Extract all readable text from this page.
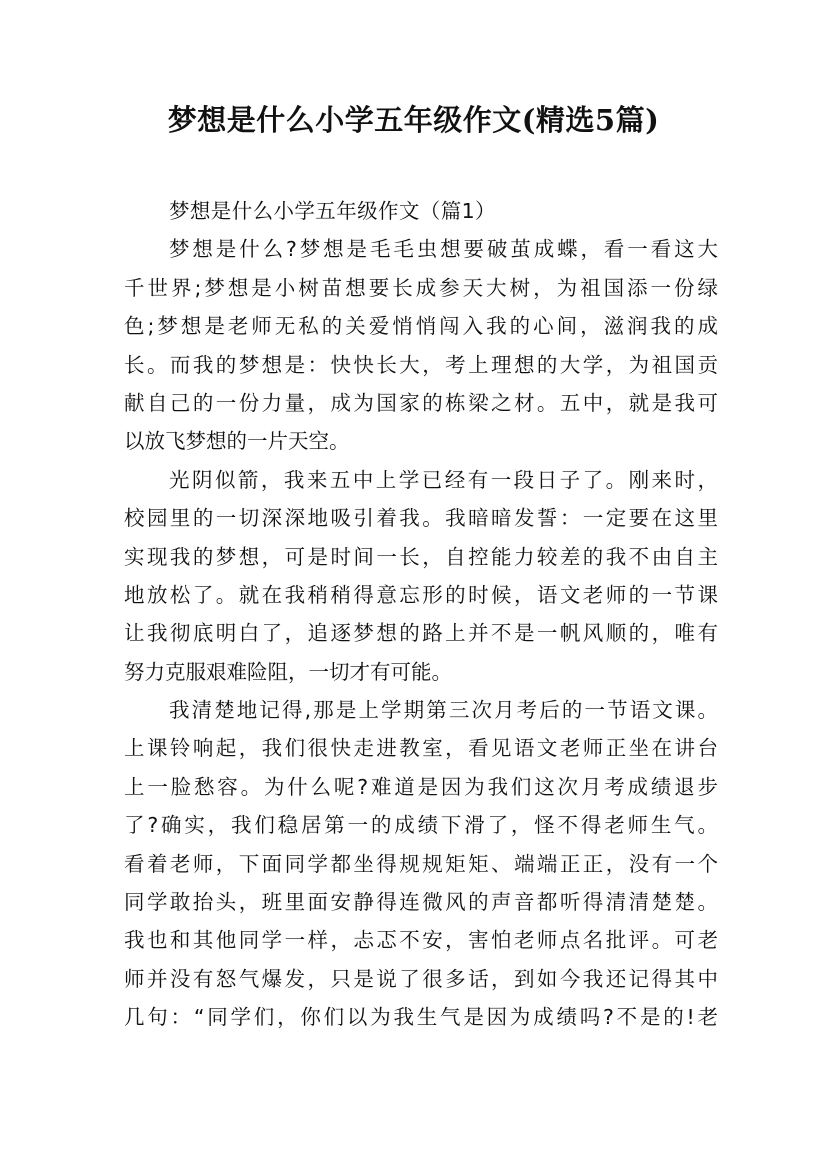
梦想是什么小学五年级作文(精选5篇)
梦想是什么小学五年级作文（篇1）
梦想是什么?梦想是毛毛虫想要破茧成蝶，看一看这大
千世界;梦想是小树苗想要长成参天大树，为祖国添一份绿
色;梦想是老师无私的关爱悄悄闯入我的心间，滋润我的成
长。而我的梦想是：快快长大，考上理想的大学，为祖国贡
献自己的一份力量，成为国家的栋梁之材。五中，就是我可
以放飞梦想的一片天空。
光阴似箭，我来五中上学已经有一段日子了。刚来时，
校园里的一切深深地吸引着我。我暗暗发誓：一定要在这里
实现我的梦想，可是时间一长，自控能力较差的我不由自主
地放松了。就在我稍稍得意忘形的时候，语文老师的一节课
让我彻底明白了，追逐梦想的路上并不是一帆风顺的，唯有
努力克服艰难险阻，一切才有可能。
我清楚地记得,那是上学期第三次月考后的一节语文课。
上课铃响起，我们很快走进教室，看见语文老师正坐在讲台
上一脸愁容。为什么呢?难道是因为我们这次月考成绩退步
了?确实，我们稳居第一的成绩下滑了，怪不得老师生气。
看着老师，下面同学都坐得规规矩矩、端端正正，没有一个
同学敢抬头，班里面安静得连微风的声音都听得清清楚楚。
我也和其他同学一样，忐忑不安，害怕老师点名批评。可老
师并没有怒气爆发，只是说了很多话，到如今我还记得其中
几句：“同学们，你们以为我生气是因为成绩吗?不是的!老
